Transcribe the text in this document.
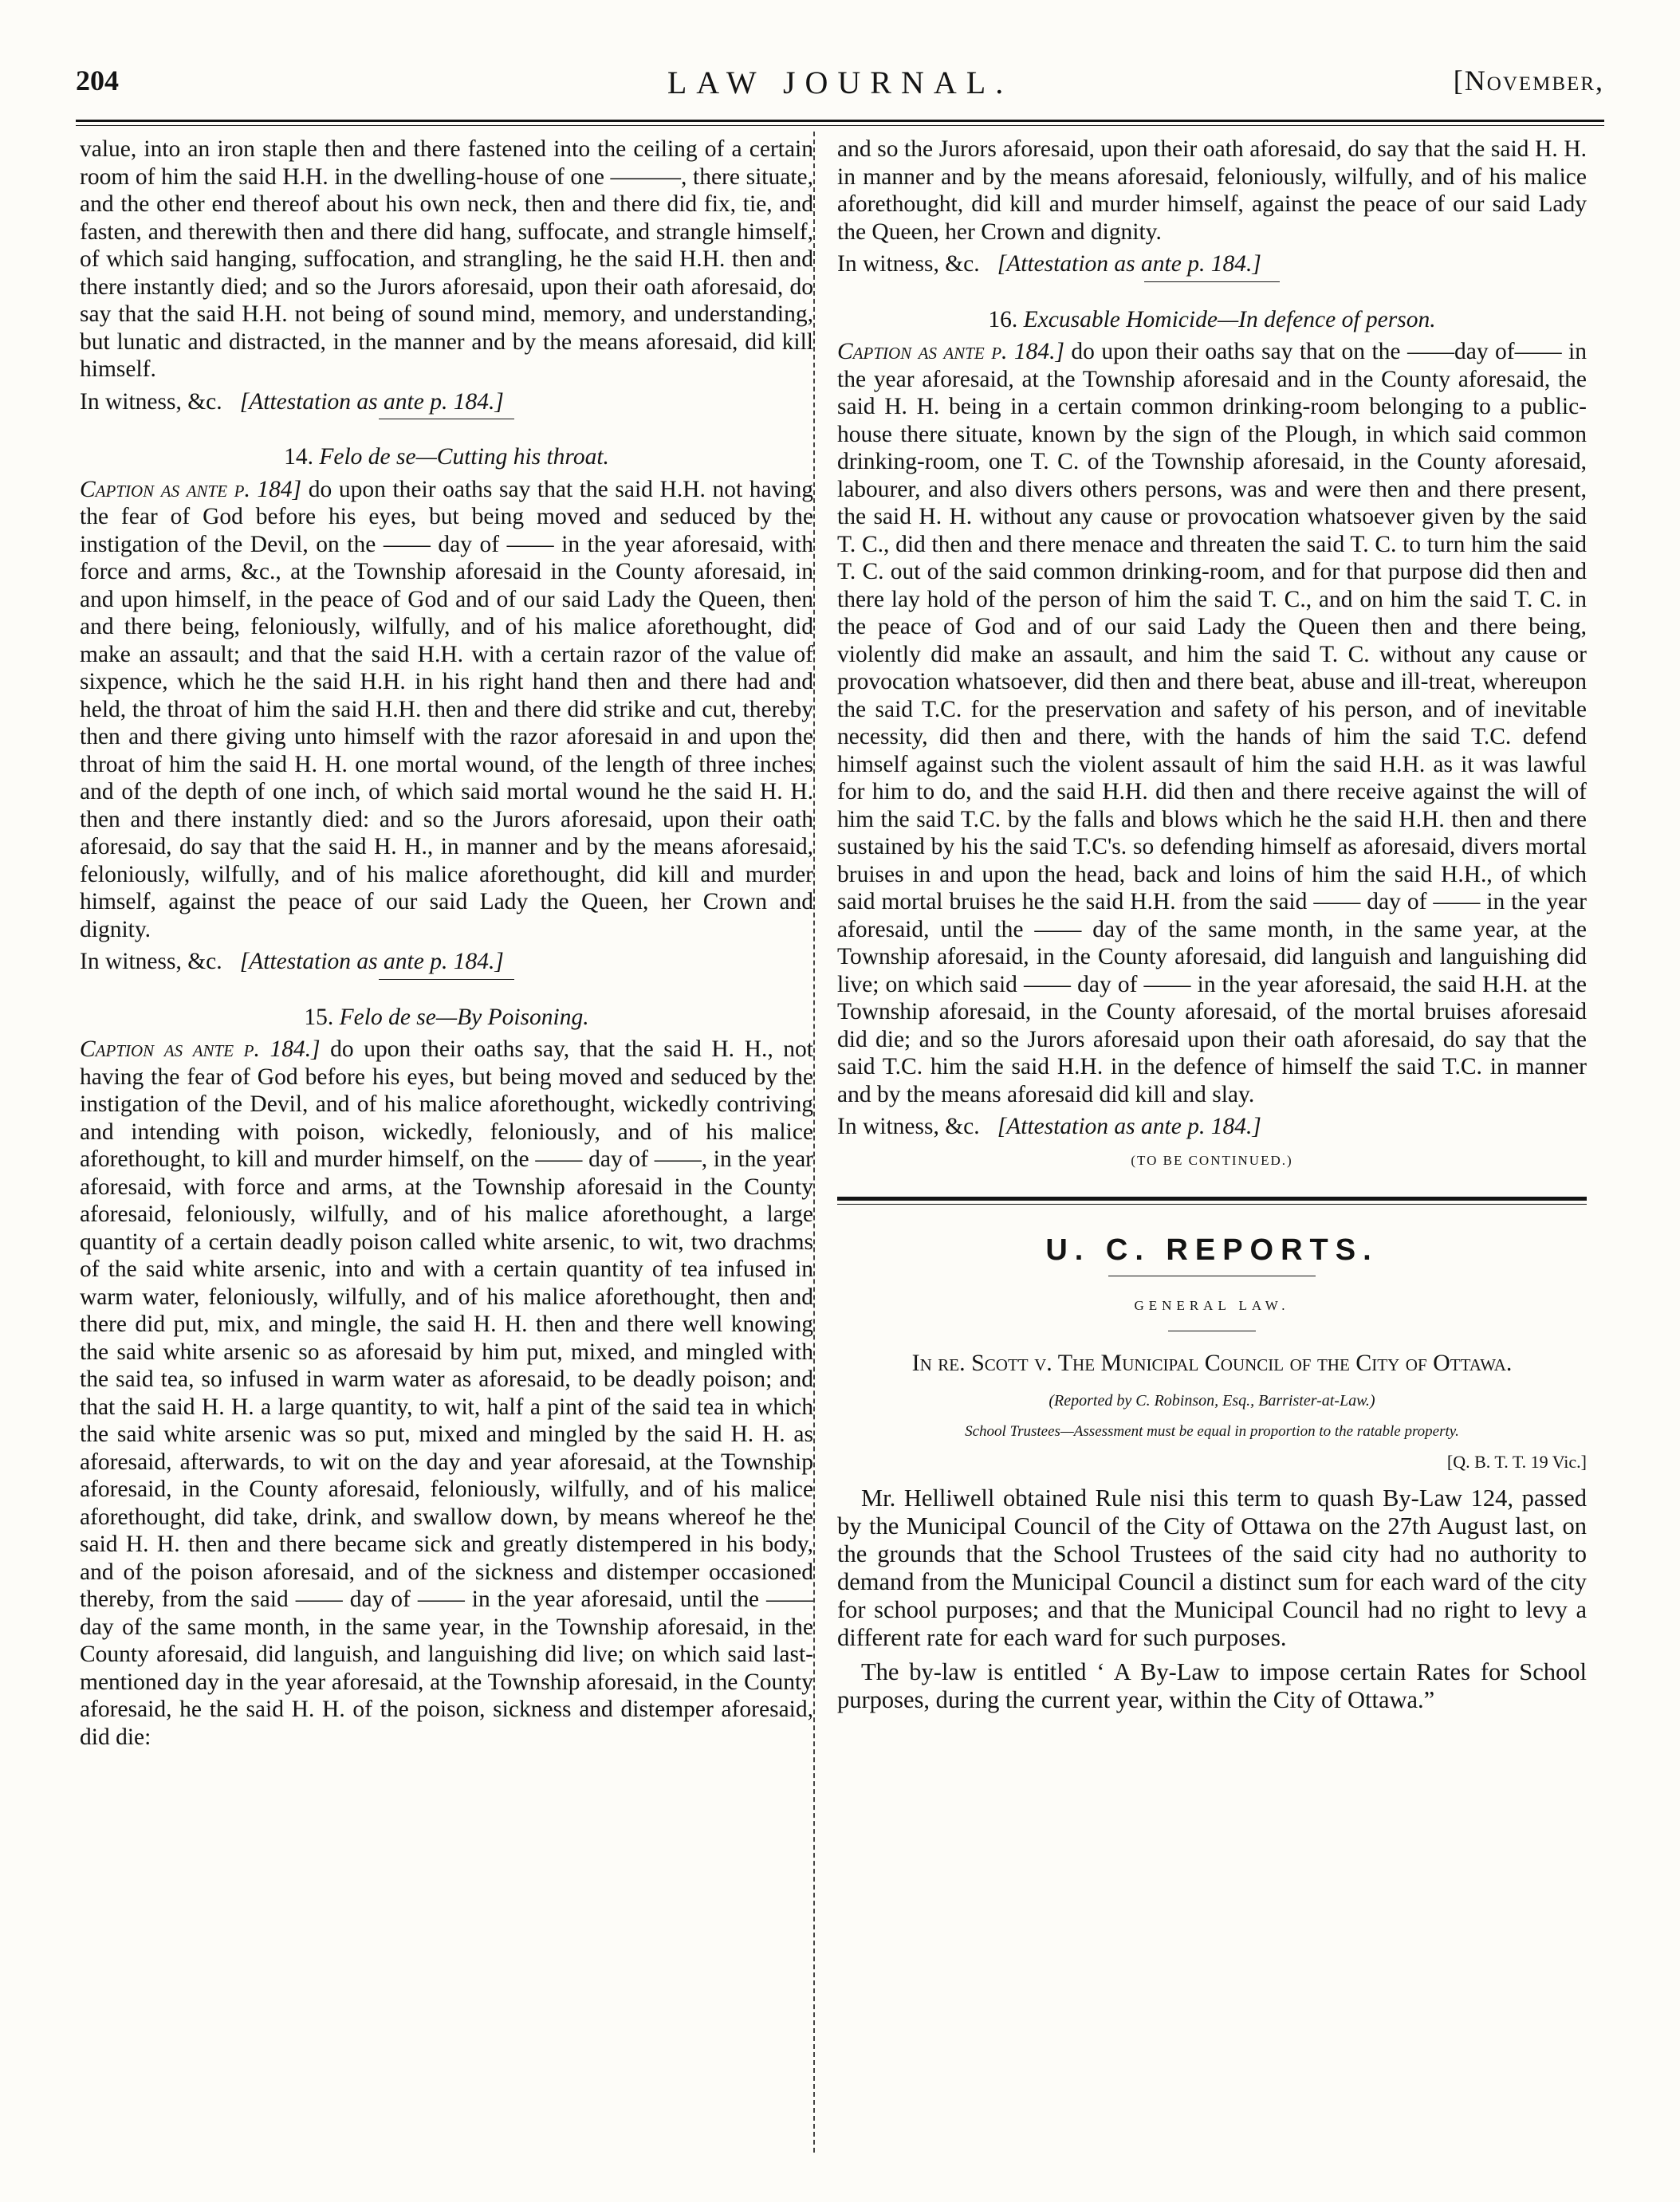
204	LAW JOURNAL.	[November,

value, into an iron staple then and there fastened into the ceiling of a certain room of him the said H.H. in the dwelling-house of one ———, there situate, and the other end thereof about his own neck, then and there did fix, tie, and fasten, and therewith then and there did hang, suffocate, and strangle himself, of which said hanging, suffocation, and strangling, he the said H.H. then and there instantly died; and so the Jurors aforesaid, upon their oath aforesaid, do say that the said H.H. not being of sound mind, memory, and understanding, but lunatic and distracted, in the manner and by the means aforesaid, did kill himself.

In witness, &c. [Attestation as ante p. 184.]

14. Felo de se—Cutting his throat.

Caption as ante p. 184] do upon their oaths say that the said H.H. not having the fear of God before his eyes, but being moved and seduced by the instigation of the Devil, on the —— day of —— in the year aforesaid, with force and arms, &c., at the Township aforesaid in the County aforesaid, in and upon himself, in the peace of God and of our said Lady the Queen, then and there being, feloniously, wilfully, and of his malice aforethought, did make an assault; and that the said H.H. with a certain razor of the value of sixpence, which he the said H.H. in his right hand then and there had and held, the throat of him the said H.H. then and there did strike and cut, thereby then and there giving unto himself with the razor aforesaid in and upon the throat of him the said H. H. one mortal wound, of the length of three inches and of the depth of one inch, of which said mortal wound he the said H. H. then and there instantly died: and so the Jurors aforesaid, upon their oath aforesaid, do say that the said H. H., in manner and by the means aforesaid, feloniously, wilfully, and of his malice aforethought, did kill and murder himself, against the peace of our said Lady the Queen, her Crown and dignity.

In witness, &c. [Attestation as ante p. 184.]

15. Felo de se—By Poisoning.

Caption as ante p. 184.] do upon their oaths say, that the said H. H., not having the fear of God before his eyes, but being moved and seduced by the instigation of the Devil, and of his malice aforethought, wickedly contriving and intending with poison, wickedly, feloniously, and of his malice aforethought, to kill and murder himself, on the —— day of ——, in the year aforesaid, with force and arms, at the Township aforesaid in the County aforesaid, feloniously, wilfully, and of his malice aforethought, a large quantity of a certain deadly poison called white arsenic, to wit, two drachms of the said white arsenic, into and with a certain quantity of tea infused in warm water, feloniously, wilfully, and of his malice aforethought, then and there did put, mix, and mingle, the said H. H. then and there well knowing the said white arsenic so as aforesaid by him put, mixed, and mingled with the said tea, so infused in warm water as aforesaid, to be deadly poison; and that the said H. H. a large quantity, to wit, half a pint of the said tea in which the said white arsenic was so put, mixed and mingled by the said H. H. as aforesaid, afterwards, to wit on the day and year aforesaid, at the Township aforesaid, in the County aforesaid, feloniously, wilfully, and of his malice aforethought, did take, drink, and swallow down, by means whereof he the said H. H. then and there became sick and greatly distempered in his body, and of the poison aforesaid, and of the sickness and distemper occasioned thereby, from the said —— day of —— in the year aforesaid, until the —— day of the same month, in the same year, in the Township aforesaid, in the County aforesaid, did languish, and languishing did live; on which said last-mentioned day in the year aforesaid, at the Township aforesaid, in the County aforesaid, he the said H. H. of the poison, sickness and distemper aforesaid, did die:

and so the Jurors aforesaid, upon their oath aforesaid, do say that the said H. H. in manner and by the means aforesaid, feloniously, wilfully, and of his malice aforethought, did kill and murder himself, against the peace of our said Lady the Queen, her Crown and dignity.

In witness, &c. [Attestation as ante p. 184.]

16. Excusable Homicide—In defence of person.

Caption as ante p. 184.] do upon their oaths say that on the ——day of—— in the year aforesaid, at the Township aforesaid and in the County aforesaid, the said H. H. being in a certain common drinking-room belonging to a public-house there situate, known by the sign of the Plough, in which said common drinking-room, one T. C. of the Township aforesaid, in the County aforesaid, labourer, and also divers others persons, was and were then and there present, the said H. H. without any cause or provocation whatsoever given by the said T. C., did then and there menace and threaten the said T. C. to turn him the said T. C. out of the said common drinking-room, and for that purpose did then and there lay hold of the person of him the said T. C., and on him the said T. C. in the peace of God and of our said Lady the Queen then and there being, violently did make an assault, and him the said T. C. without any cause or provocation whatsoever, did then and there beat, abuse and ill-treat, whereupon the said T.C. for the preservation and safety of his person, and of inevitable necessity, did then and there, with the hands of him the said T.C. defend himself against such the violent assault of him the said H.H. as it was lawful for him to do, and the said H.H. did then and there receive against the will of him the said T.C. by the falls and blows which he the said H.H. then and there sustained by his the said T.C's. so defending himself as aforesaid, divers mortal bruises in and upon the head, back and loins of him the said H.H., of which said mortal bruises he the said H.H. from the said —— day of —— in the year aforesaid, until the —— day of the same month, in the same year, at the Township aforesaid, in the County aforesaid, did languish and languishing did live; on which said —— day of —— in the year aforesaid, the said H.H. at the Township aforesaid, in the County aforesaid, of the mortal bruises aforesaid did die; and so the Jurors aforesaid upon their oath aforesaid, do say that the said T.C. him the said H.H. in the defence of himself the said T.C. in manner and by the means aforesaid did kill and slay.

In witness, &c. [Attestation as ante p. 184.]

(TO BE CONTINUED.)

U. C. REPORTS.

GENERAL LAW.

In re. Scott v. The Municipal Council of the City of Ottawa.

(Reported by C. Robinson, Esq., Barrister-at-Law.)

School Trustees—Assessment must be equal in proportion to the ratable property.

[Q. B. T. T. 19 Vic.]

Mr. Helliwell obtained Rule nisi this term to quash By-Law 124, passed by the Municipal Council of the City of Ottawa on the 27th August last, on the grounds that the School Trustees of the said city had no authority to demand from the Municipal Council a distinct sum for each ward of the city for school purposes; and that the Municipal Council had no right to levy a different rate for each ward for such purposes.

The by-law is entitled ‘ A By-Law to impose certain Rates for School purposes, during the current year, within the City of Ottawa.”
